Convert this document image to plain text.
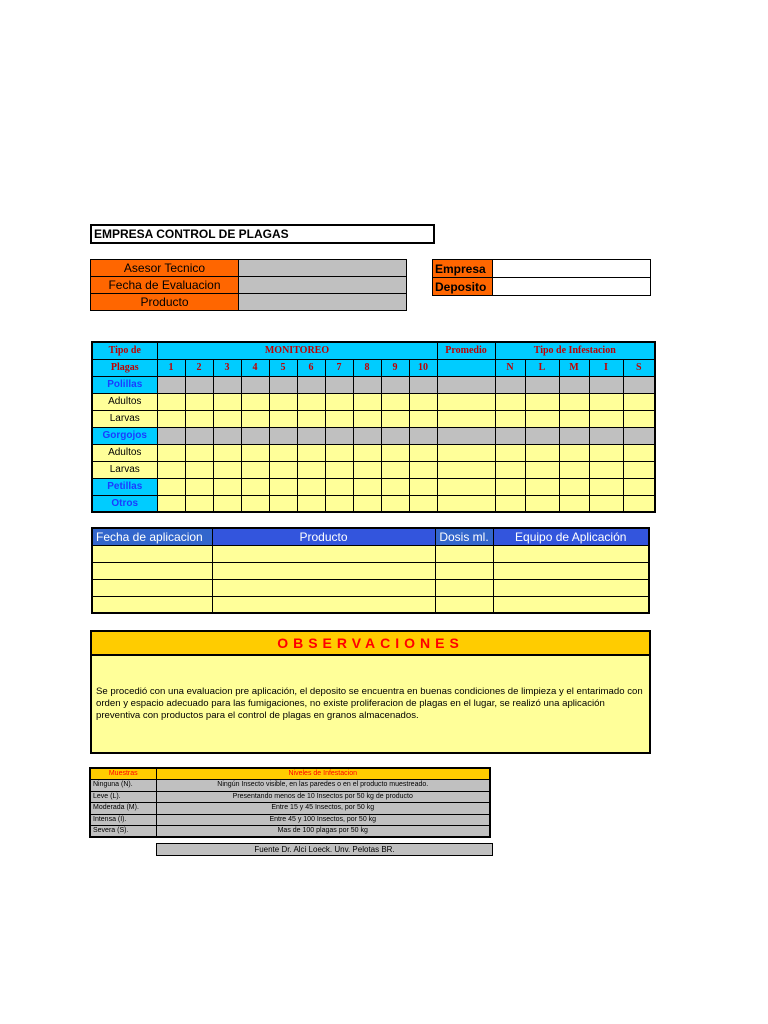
EMPRESA CONTROL DE PLAGAS
Asesor Tecnico	
Fecha de Evaluacion	
Producto	
Empresa	
Deposito	
Tipo de	MONITOREO										Promedio	Tipo de Infestacion				
Plagas	1	2	3	4	5	6	7	8	9	10		N	L	M	I	S
Polillas																
Adultos																
Larvas																
Gorgojos																
Adultos																
Larvas																
Petillas																
Otros																
Fecha de aplicacion	Producto	Dosis ml.	Equipo de Aplicación

OBSERVACIONES
Se procedió con una evaluacion pre aplicación, el deposito se encuentra en buenas condiciones de limpieza y el entarimado con orden y espacio adecuado para las fumigaciones, no existe proliferacion de plagas en el lugar, se realizó una aplicación preventiva con productos para el control de plagas en granos almacenados.
Muestras	Niveles de Infestacion
Ninguna (N).	Ningún Insecto visible, en las paredes o en el producto muestreado.
Leve (L).	Presentando menos de 10 Insectos por 50 kg de producto
Moderada (M).	Entre 15 y 45 Insectos, por 50 kg
Intensa (I).	Entre 45 y 100 Insectos, por 50 kg
Severa (S).	Mas de 100 plagas por 50 kg
Fuente Dr. Alci Loeck. Unv. Pelotas BR.
